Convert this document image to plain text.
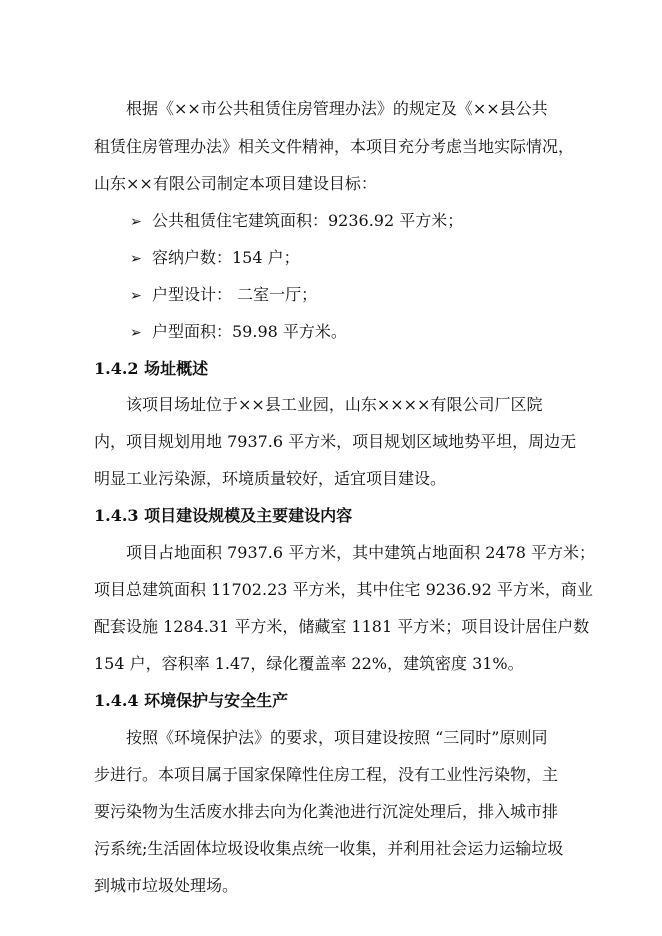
根据《××市公共租赁住房管理办法》的规定及《××县公共
租赁住房管理办法》相关文件精神，本项目充分考虑当地实际情况，
山东××有限公司制定本项目建设目标：
➢ 公共租赁住宅建筑面积：9236.92 平方米；
➢ 容纳户数：154 户；
➢ 户型设计： 二室一厅；
➢ 户型面积：59.98 平方米。
1.4.2 场址概述
该项目场址位于××县工业园，山东××××有限公司厂区院
内，项目规划用地 7937.6 平方米，项目规划区域地势平坦，周边无
明显工业污染源，环境质量较好，适宜项目建设。
1.4.3 项目建设规模及主要建设内容
项目占地面积 7937.6 平方米，其中建筑占地面积 2478 平方米；
项目总建筑面积 11702.23 平方米，其中住宅 9236.92 平方米，商业
配套设施 1284.31 平方米，储藏室 1181 平方米；项目设计居住户数
154 户，容积率 1.47，绿化覆盖率 22%，建筑密度 31%。
1.4.4 环境保护与安全生产
按照《环境保护法》的要求，项目建设按照 “三同时”原则同
步进行。本项目属于国家保障性住房工程，没有工业性污染物，主
要污染物为生活废水排去向为化粪池进行沉淀处理后，排入城市排
污系统;生活固体垃圾设收集点统一收集，并利用社会运力运输垃圾
到城市垃圾处理场。
